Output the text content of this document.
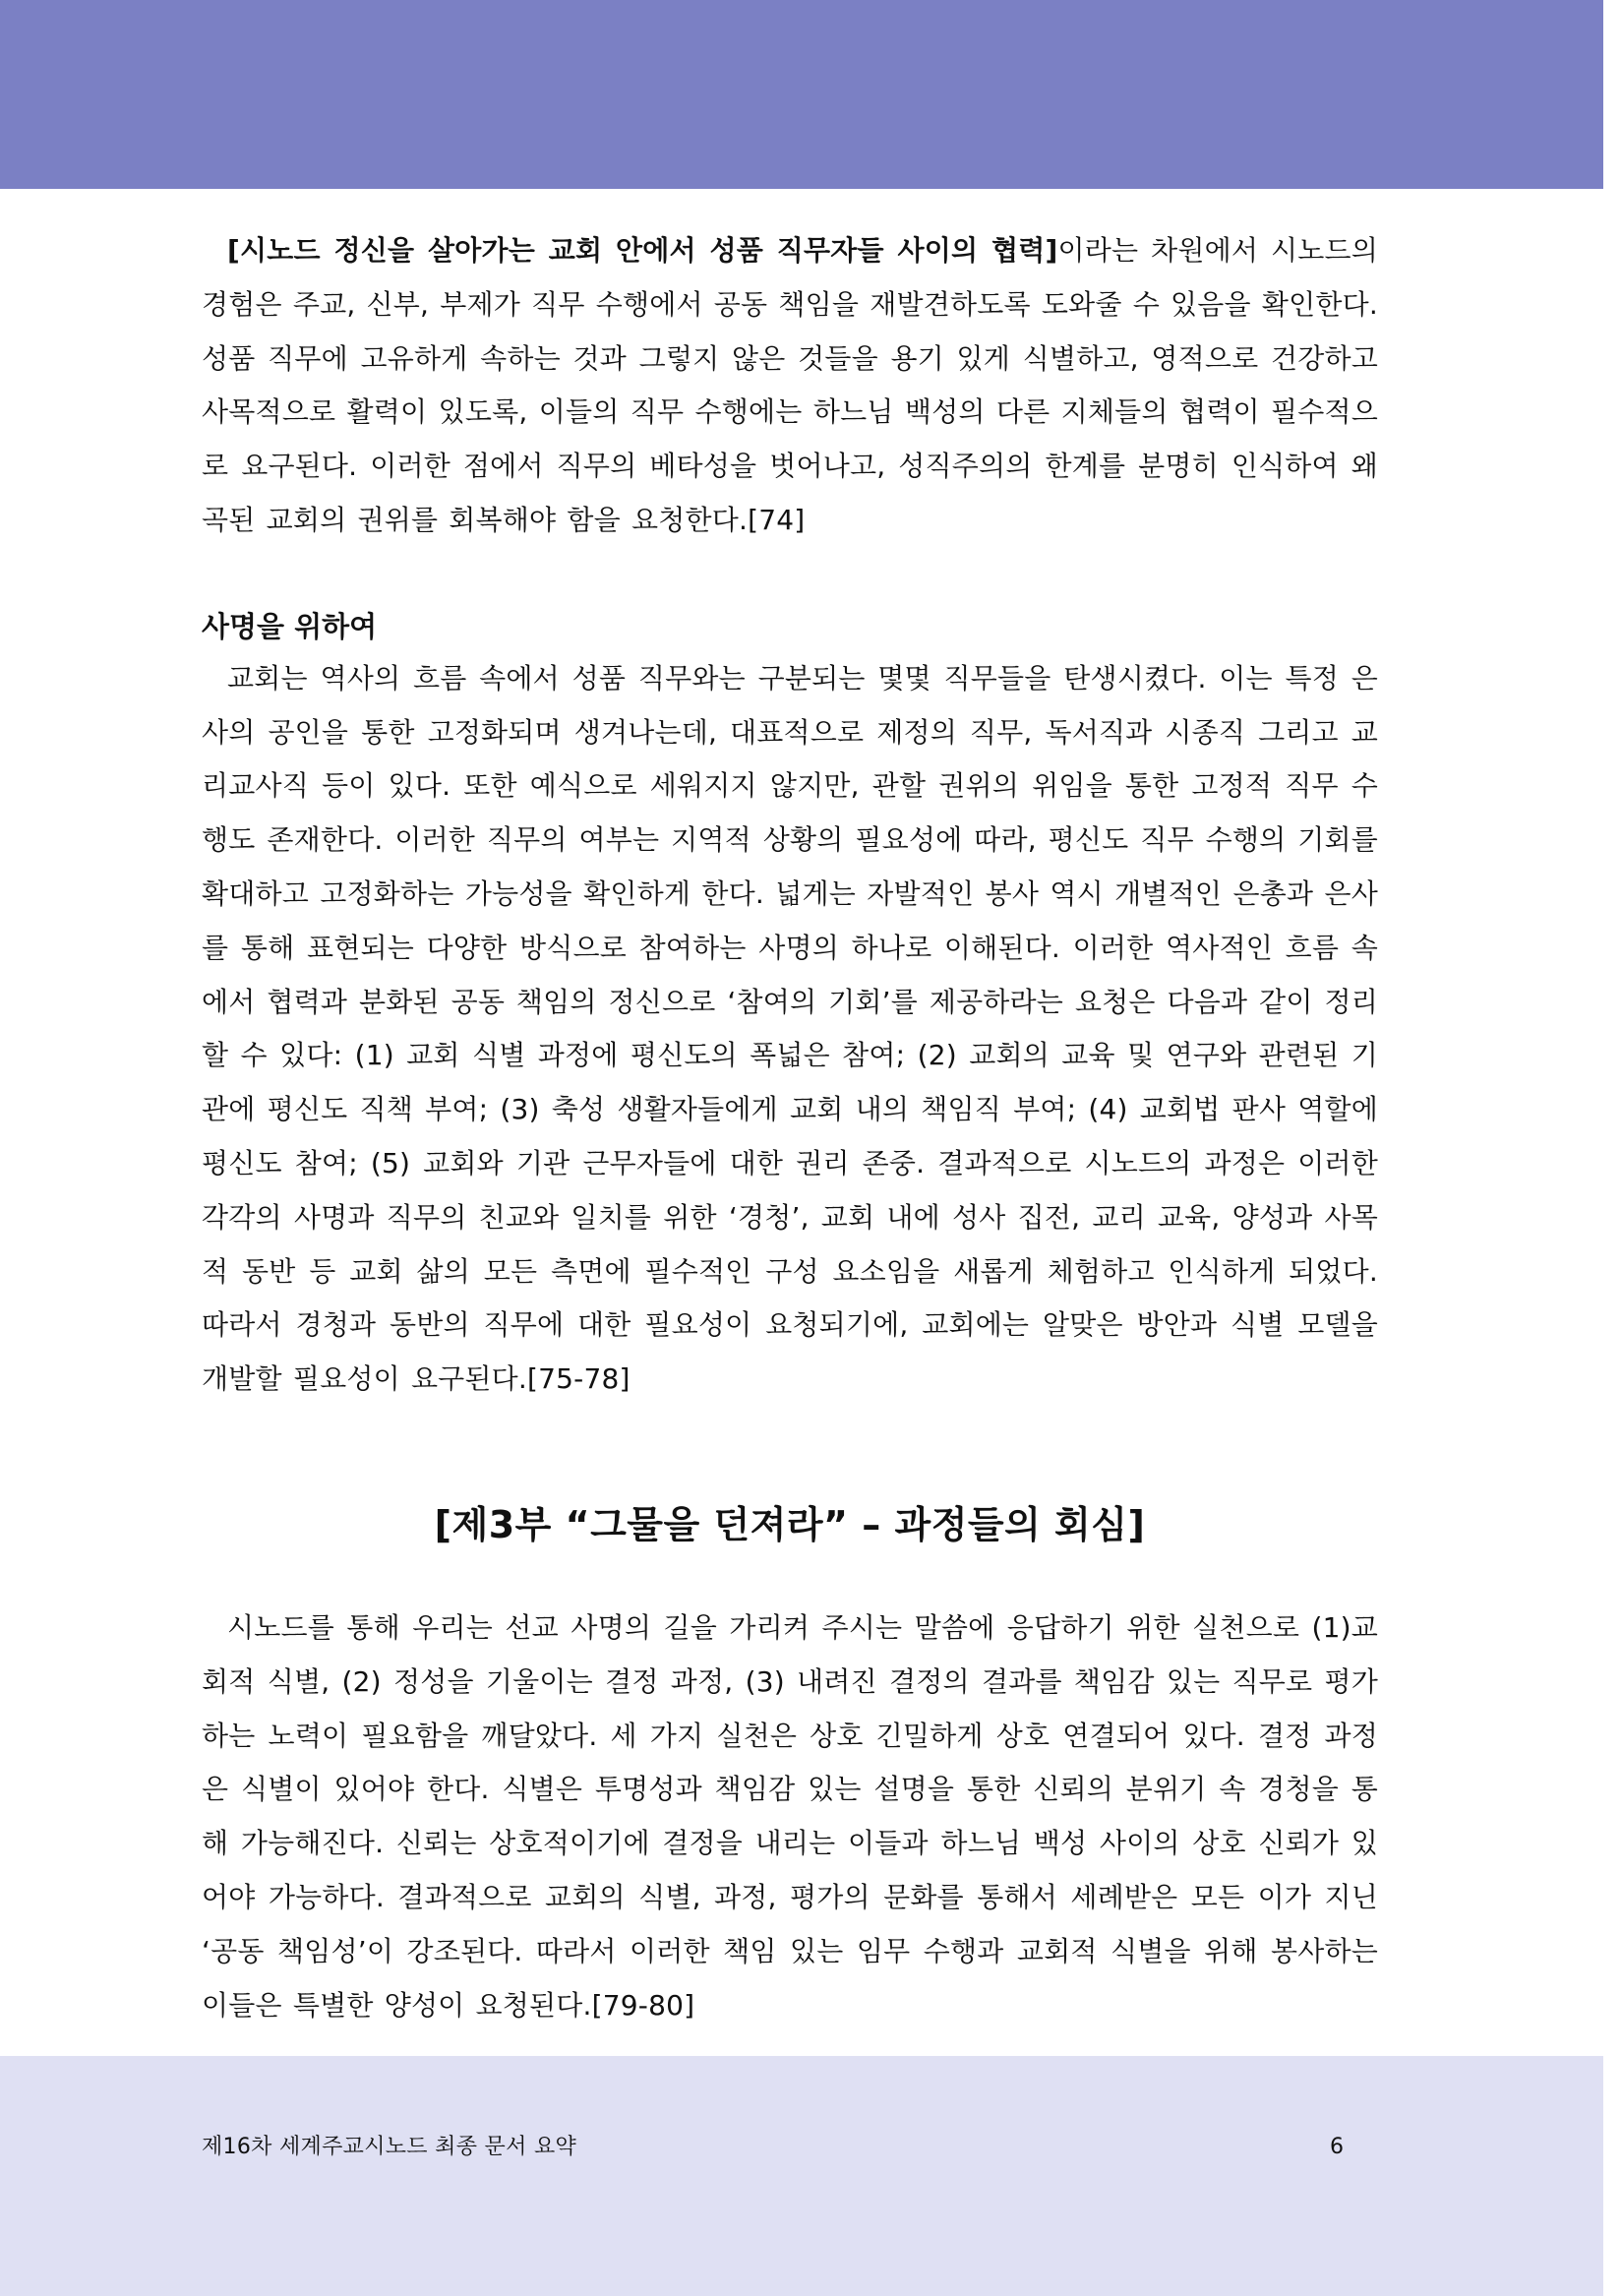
[시노드 정신을 살아가는 교회 안에서 성품 직무자들 사이의 협력]이라는 차원에서 시노드의 경험은 주교, 신부, 부제가 직무 수행에서 공동 책임을 재발견하도록 도와줄 수 있음을 확인한다. 성품 직무에 고유하게 속하는 것과 그렇지 않은 것들을 용기 있게 식별하고, 영적으로 건강하고 사목적으로 활력이 있도록, 이들의 직무 수행에는 하느님 백성의 다른 지체들의 협력이 필수적으로 요구된다. 이러한 점에서 직무의 베타성을 벗어나고, 성직주의의 한계를 분명히 인식하여 왜곡된 교회의 권위를 회복해야 함을 요청한다.[74]

사명을 위하여

교회는 역사의 흐름 속에서 성품 직무와는 구분되는 몇몇 직무들을 탄생시켰다. 이는 특정 은사의 공인을 통한 고정화되며 생겨나는데, 대표적으로 제정의 직무, 독서직과 시종직 그리고 교리교사직 등이 있다. 또한 예식으로 세워지지 않지만, 관할 권위의 위임을 통한 고정적 직무 수행도 존재한다. 이러한 직무의 여부는 지역적 상황의 필요성에 따라, 평신도 직무 수행의 기회를 확대하고 고정화하는 가능성을 확인하게 한다. 넓게는 자발적인 봉사 역시 개별적인 은총과 은사를 통해 표현되는 다양한 방식으로 참여하는 사명의 하나로 이해된다. 이러한 역사적인 흐름 속에서 협력과 분화된 공동 책임의 정신으로 ‘참여의 기회’를 제공하라는 요청은 다음과 같이 정리할 수 있다: (1) 교회 식별 과정에 평신도의 폭넓은 참여; (2) 교회의 교육 및 연구와 관련된 기관에 평신도 직책 부여; (3) 축성 생활자들에게 교회 내의 책임직 부여; (4) 교회법 판사 역할에 평신도 참여; (5) 교회와 기관 근무자들에 대한 권리 존중. 결과적으로 시노드의 과정은 이러한 각각의 사명과 직무의 친교와 일치를 위한 ‘경청’, 교회 내에 성사 집전, 교리 교육, 양성과 사목적 동반 등 교회 삶의 모든 측면에 필수적인 구성 요소임을 새롭게 체험하고 인식하게 되었다. 따라서 경청과 동반의 직무에 대한 필요성이 요청되기에, 교회에는 알맞은 방안과 식별 모델을 개발할 필요성이 요구된다.[75-78]

[제3부 “그물을 던져라” – 과정들의 회심]

시노드를 통해 우리는 선교 사명의 길을 가리켜 주시는 말씀에 응답하기 위한 실천으로 (1)교회적 식별, (2) 정성을 기울이는 결정 과정, (3) 내려진 결정의 결과를 책임감 있는 직무로 평가하는 노력이 필요함을 깨달았다. 세 가지 실천은 상호 긴밀하게 상호 연결되어 있다. 결정 과정은 식별이 있어야 한다. 식별은 투명성과 책임감 있는 설명을 통한 신뢰의 분위기 속 경청을 통해 가능해진다. 신뢰는 상호적이기에 결정을 내리는 이들과 하느님 백성 사이의 상호 신뢰가 있어야 가능하다. 결과적으로 교회의 식별, 과정, 평가의 문화를 통해서 세례받은 모든 이가 지닌 ‘공동 책임성’이 강조된다. 따라서 이러한 책임 있는 임무 수행과 교회적 식별을 위해 봉사하는 이들은 특별한 양성이 요청된다.[79-80]

제16차 세계주교시노드 최종 문서 요약	6
